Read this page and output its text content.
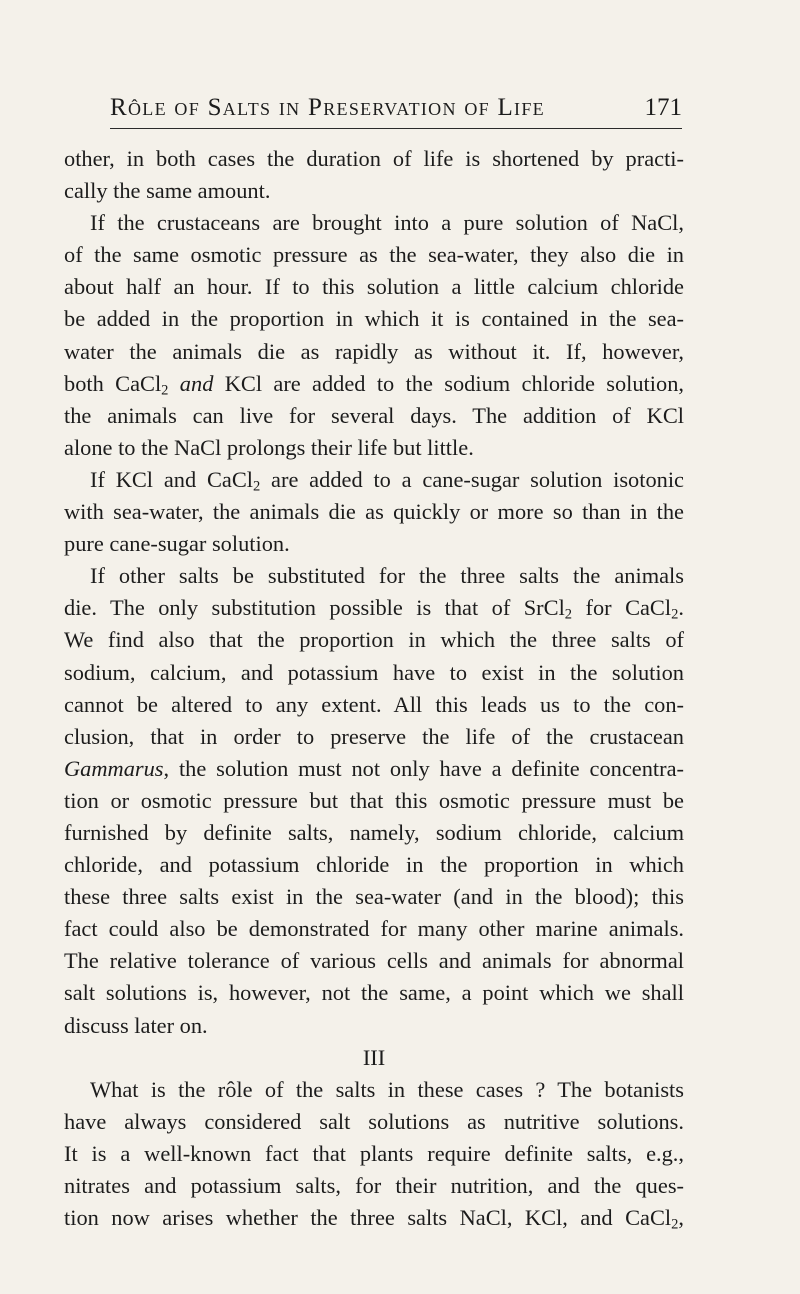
Rôle of Salts in Preservation of Life	171
other, in both cases the duration of life is shortened by practi-
cally the same amount.
If the crustaceans are brought into a pure solution of NaCl,
of the same osmotic pressure as the sea-water, they also die in
about half an hour. If to this solution a little calcium chloride
be added in the proportion in which it is contained in the sea-
water the animals die as rapidly as without it. If, however,
both CaCl$_2$ and KCl are added to the sodium chloride solution,
the animals can live for several days. The addition of KCl
alone to the NaCl prolongs their life but little.
If KCl and CaCl$_2$ are added to a cane-sugar solution isotonic
with sea-water, the animals die as quickly or more so than in the
pure cane-sugar solution.
If other salts be substituted for the three salts the animals
die. The only substitution possible is that of SrCl$_2$ for CaCl$_2$.
We find also that the proportion in which the three salts of
sodium, calcium, and potassium have to exist in the solution
cannot be altered to any extent. All this leads us to the con-
clusion, that in order to preserve the life of the crustacean
Gammarus, the solution must not only have a definite concentra-
tion or osmotic pressure but that this osmotic pressure must be
furnished by definite salts, namely, sodium chloride, calcium
chloride, and potassium chloride in the proportion in which
these three salts exist in the sea-water (and in the blood); this
fact could also be demonstrated for many other marine animals.
The relative tolerance of various cells and animals for abnormal
salt solutions is, however, not the same, a point which we shall
discuss later on.
III
What is the rôle of the salts in these cases ? The botanists
have always considered salt solutions as nutritive solutions.
It is a well-known fact that plants require definite salts, e.g.,
nitrates and potassium salts, for their nutrition, and the ques-
tion now arises whether the three salts NaCl, KCl, and CaCl$_2$,
